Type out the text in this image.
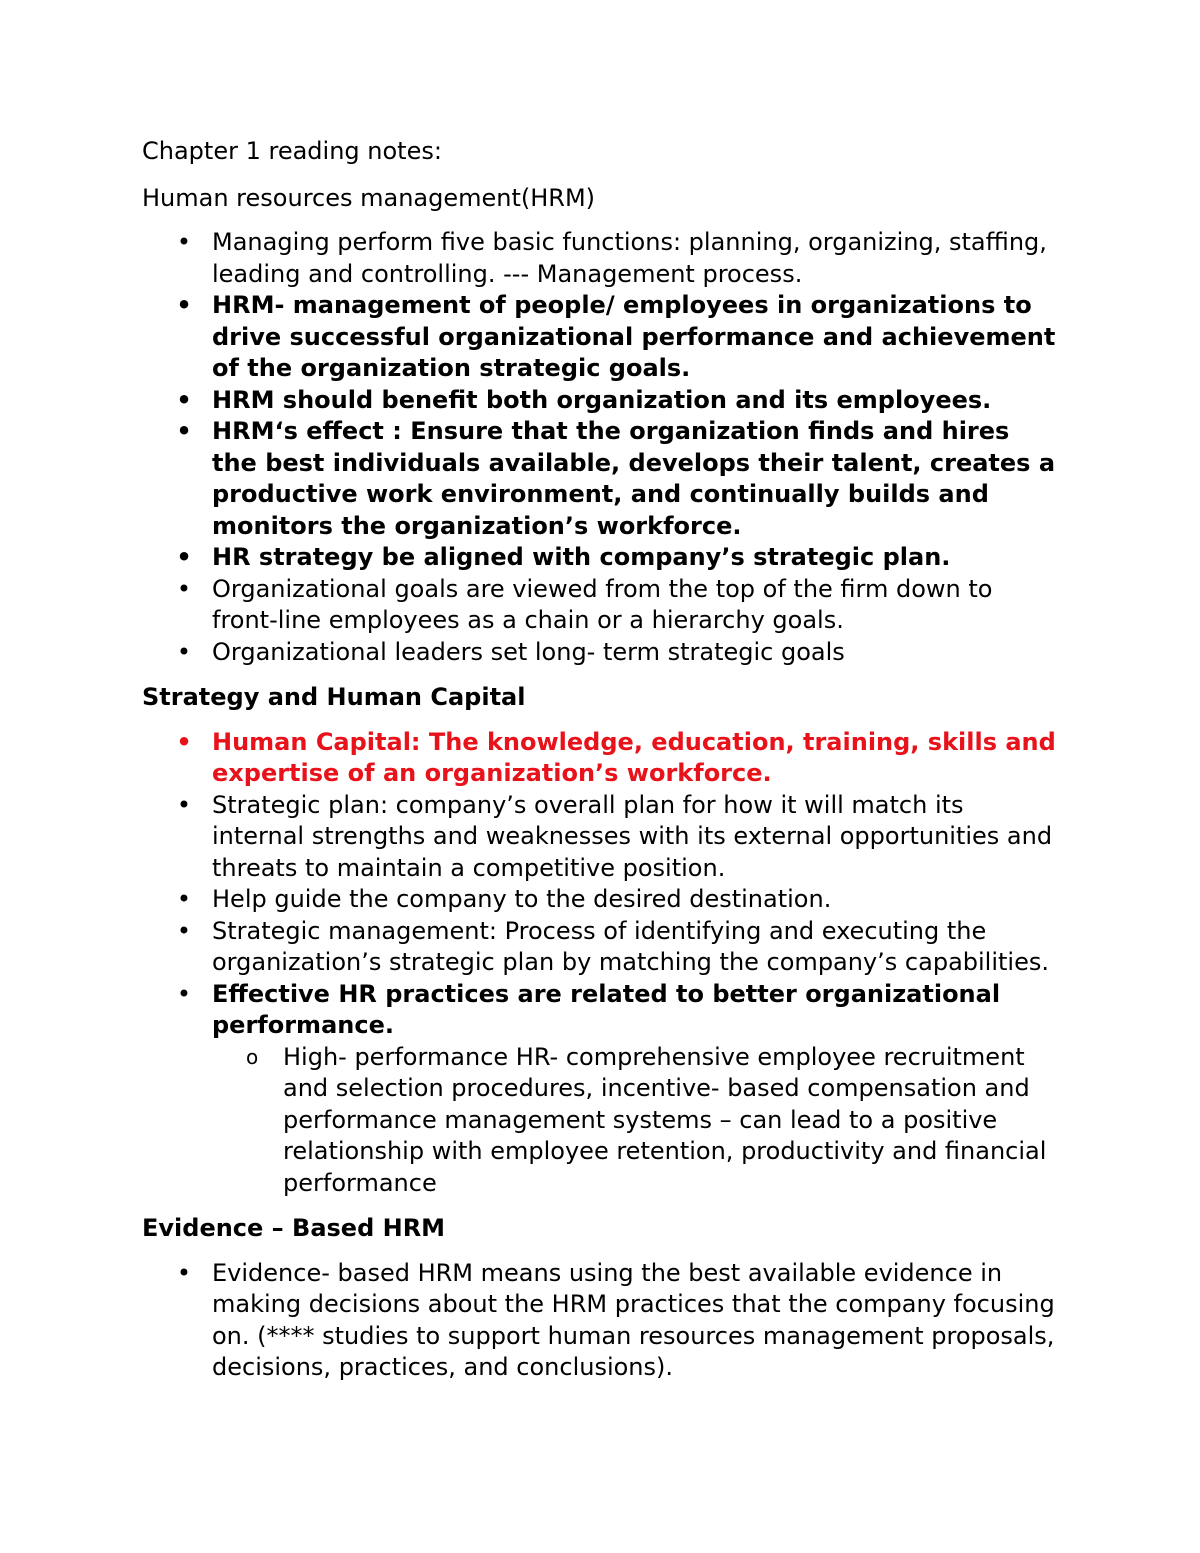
Chapter 1 reading notes:

Human resources management(HRM)

• Managing perform five basic functions: planning, organizing, staffing, leading and controlling. --- Management process.
• HRM- management of people/ employees in organizations to drive successful organizational performance and achievement of the organization strategic goals.
• HRM should benefit both organization and its employees.
• HRM‘s effect : Ensure that the organization finds and hires the best individuals available, develops their talent, creates a productive work environment, and continually builds and monitors the organization’s workforce.
• HR strategy be aligned with company’s strategic plan.
• Organizational goals are viewed from the top of the firm down to front-line employees as a chain or a hierarchy goals.
• Organizational leaders set long- term strategic goals

Strategy and Human Capital

• Human Capital: The knowledge, education, training, skills and expertise of an organization’s workforce.
• Strategic plan: company’s overall plan for how it will match its internal strengths and weaknesses with its external opportunities and threats to maintain a competitive position.
• Help guide the company to the desired destination.
• Strategic management: Process of identifying and executing the organization’s strategic plan by matching the company’s capabilities.
• Effective HR practices are related to better organizational performance.
o High- performance HR- comprehensive employee recruitment and selection procedures, incentive- based compensation and performance management systems – can lead to a positive relationship with employee retention, productivity and financial performance

Evidence – Based HRM

• Evidence- based HRM means using the best available evidence in making decisions about the HRM practices that the company focusing on. (**** studies to support human resources management proposals, decisions, practices, and conclusions).
